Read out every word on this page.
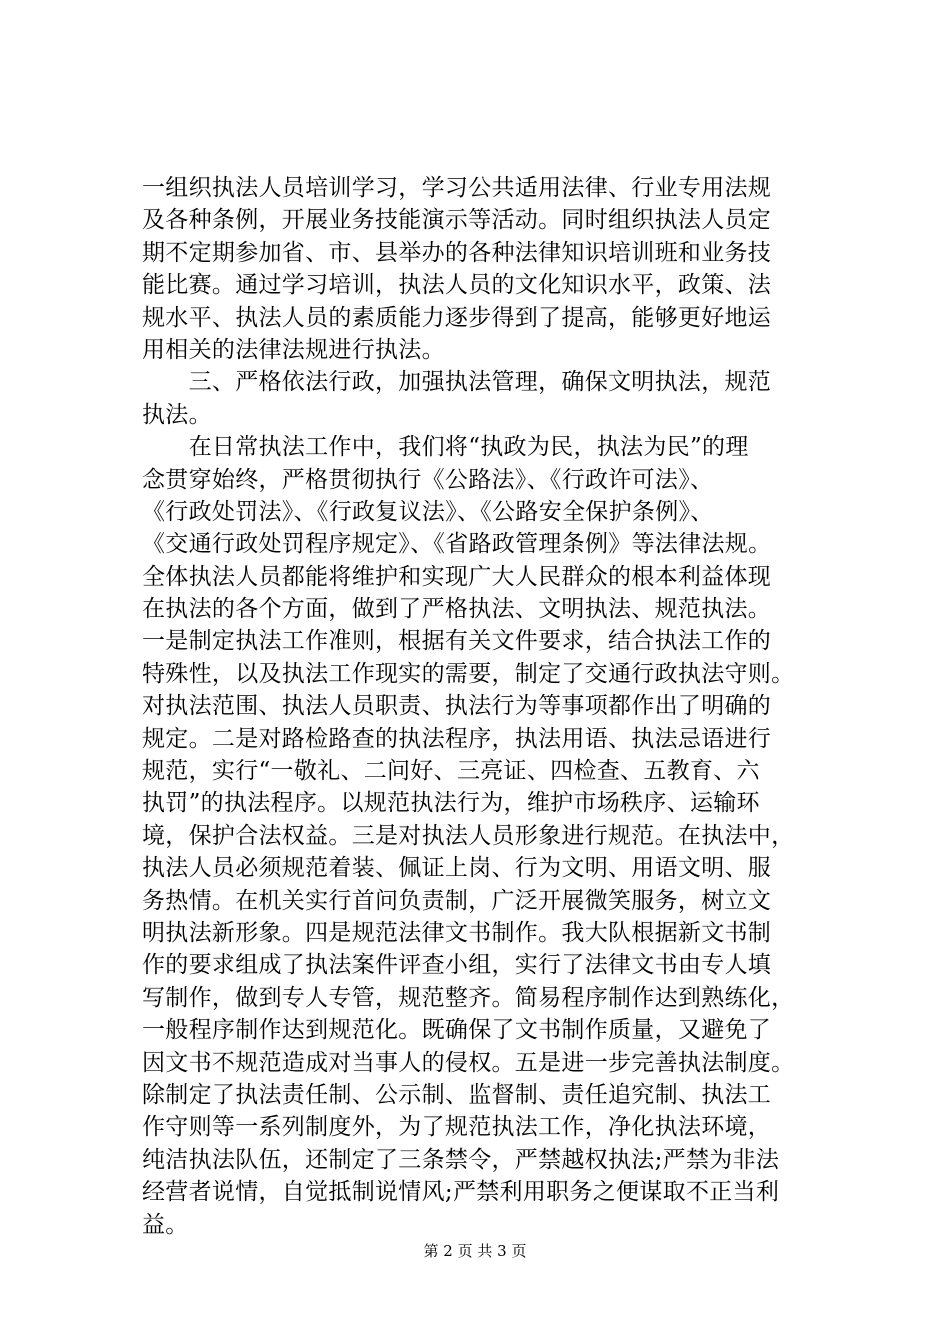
一组织执法人员培训学习，学习公共适用法律、行业专用法规
及各种条例，开展业务技能演示等活动。同时组织执法人员定
期不定期参加省、市、县举办的各种法律知识培训班和业务技
能比赛。通过学习培训，执法人员的文化知识水平，政策、法
规水平、执法人员的素质能力逐步得到了提高，能够更好地运
用相关的法律法规进行执法。
　　三、严格依法行政，加强执法管理，确保文明执法，规范
执法。
　　在日常执法工作中，我们将“执政为民，执法为民”的理
念贯穿始终，严格贯彻执行《公路法》、《行政许可法》、
《行政处罚法》、《行政复议法》、《公路安全保护条例》、
《交通行政处罚程序规定》、《省路政管理条例》等法律法规。
全体执法人员都能将维护和实现广大人民群众的根本利益体现
在执法的各个方面，做到了严格执法、文明执法、规范执法。
一是制定执法工作准则，根据有关文件要求，结合执法工作的
特殊性，以及执法工作现实的需要，制定了交通行政执法守则。
对执法范围、执法人员职责、执法行为等事项都作出了明确的
规定。二是对路检路查的执法程序，执法用语、执法忌语进行
规范，实行“一敬礼、二问好、三亮证、四检查、五教育、六
执罚”的执法程序。以规范执法行为，维护市场秩序、运输环
境，保护合法权益。三是对执法人员形象进行规范。在执法中，
执法人员必须规范着装、佩证上岗、行为文明、用语文明、服
务热情。在机关实行首问负责制，广泛开展微笑服务，树立文
明执法新形象。四是规范法律文书制作。我大队根据新文书制
作的要求组成了执法案件评查小组，实行了法律文书由专人填
写制作，做到专人专管，规范整齐。简易程序制作达到熟练化，
一般程序制作达到规范化。既确保了文书制作质量，又避免了
因文书不规范造成对当事人的侵权。五是进一步完善执法制度。
除制定了执法责任制、公示制、监督制、责任追究制、执法工
作守则等一系列制度外，为了规范执法工作，净化执法环境，
纯洁执法队伍，还制定了三条禁令，严禁越权执法;严禁为非法
经营者说情，自觉抵制说情风;严禁利用职务之便谋取不正当利
益。
第 2 页 共 3 页
